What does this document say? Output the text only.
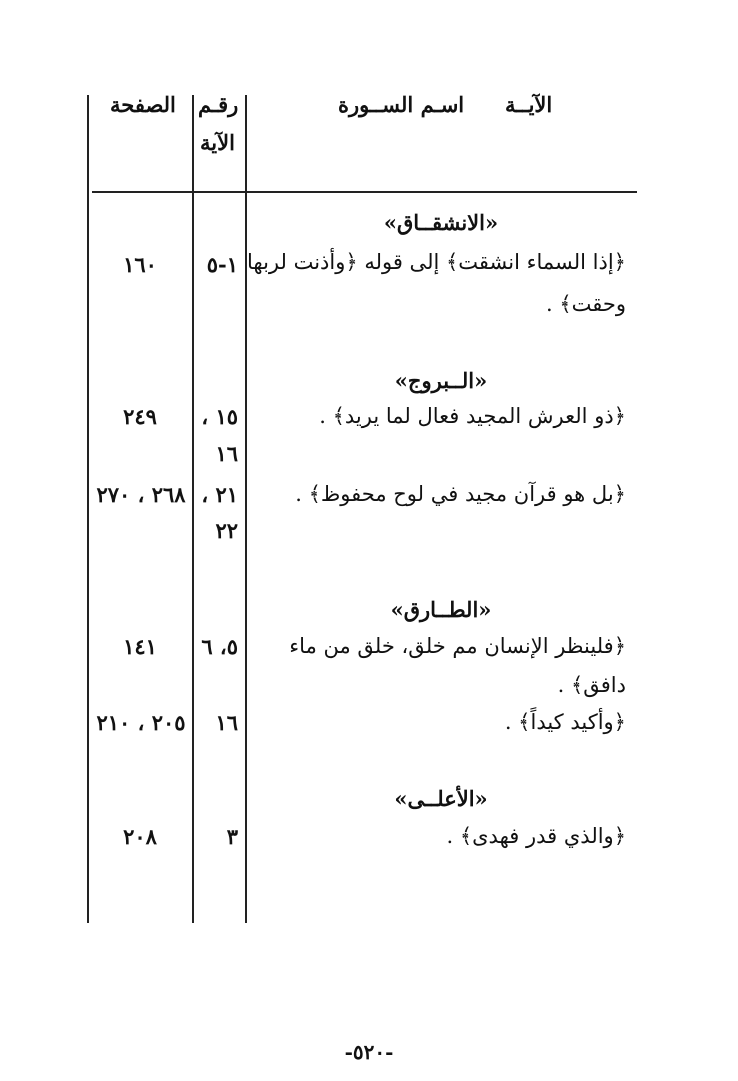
الآيــة
اسـم الســورة
رقـم
الآية
الصفحة
«الانشقــاق»
﴿إذا السماء انشقت﴾ إلى قوله ﴿وأذنت لربها
وحقت﴾ .
١-٥
١٦٠
«الــبروج»
﴿ذو العرش المجيد فعال لما يريد﴾ .
١٥ ،
١٦
٢٤٩
﴿بل هو قرآن مجيد في لوح محفوظ﴾ .
٢١ ،
٢٢
٢٦٨ ، ٢٧٠
«الطــارق»
﴿فلينظر الإنسان مم خلق، خلق من ماء
دافق﴾ .
٥، ٦
١٤١
﴿وأكيد كيداً﴾ .
١٦
٢٠٥ ، ٢١٠
«الأعلــى»
﴿والذي قدر فهدى﴾ .
٣
٢٠٨
-٥٢٠-
